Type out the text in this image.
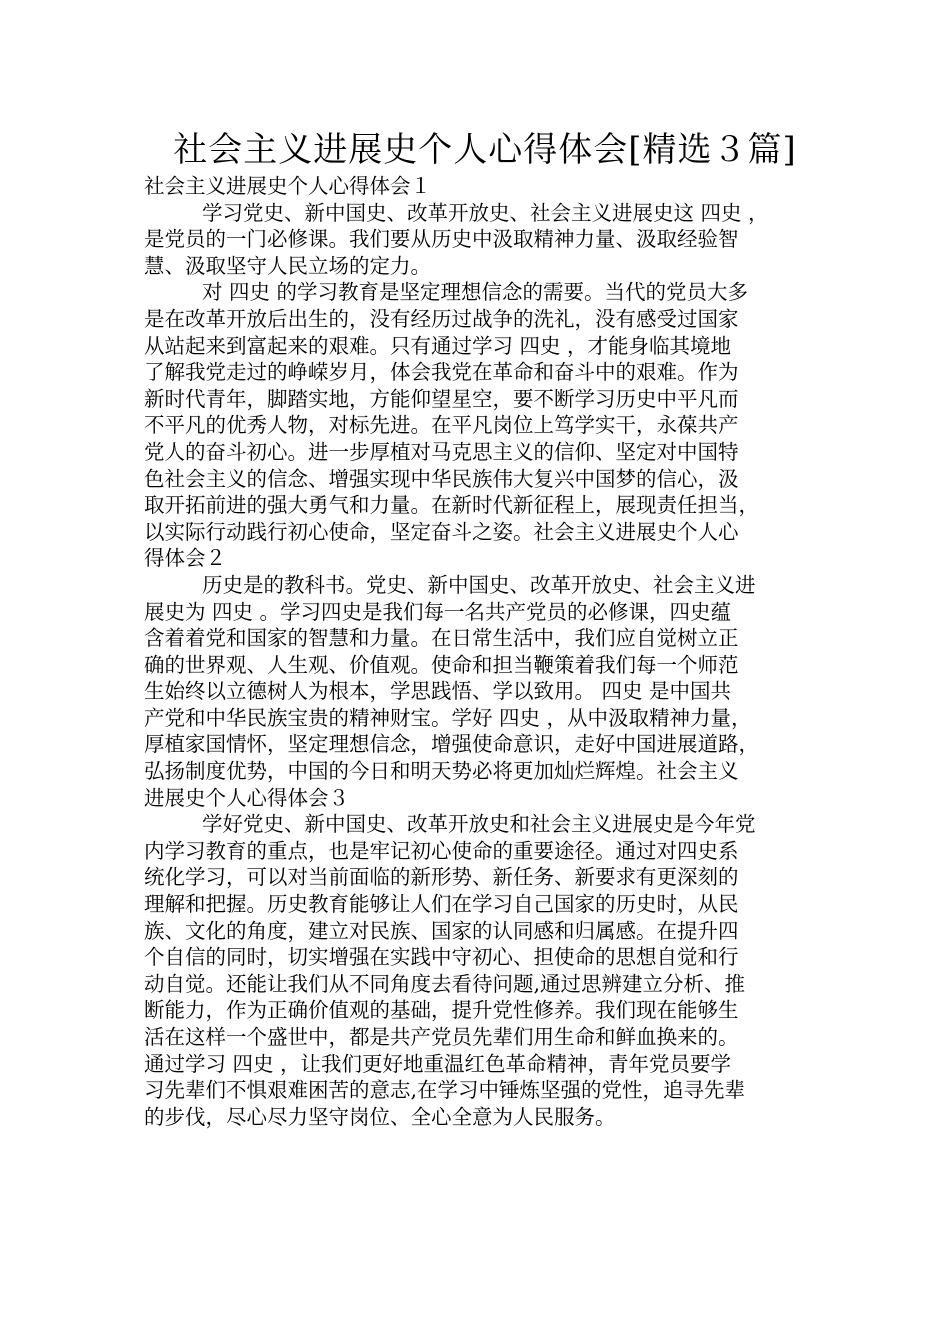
社会主义进展史个人心得体会[精选３篇]
社会主义进展史个人心得体会１
学习党史、新中国史、改革开放史、社会主义进展史这 四史 ，
是党员的一门必修课。我们要从历史中汲取精神力量、汲取经验智
慧、汲取坚守人民立场的定力。
对 四史 的学习教育是坚定理想信念的需要。当代的党员大多
是在改革开放后出生的，没有经历过战争的洗礼，没有感受过国家
从站起来到富起来的艰难。只有通过学习 四史 ，才能身临其境地
了解我党走过的峥嵘岁月，体会我党在革命和奋斗中的艰难。作为
新时代青年，脚踏实地，方能仰望星空，要不断学习历史中平凡而
不平凡的优秀人物，对标先进。在平凡岗位上笃学实干，永葆共产
党人的奋斗初心。进一步厚植对马克思主义的信仰、坚定对中国特
色社会主义的信念、增强实现中华民族伟大复兴中国梦的信心，汲
取开拓前进的强大勇气和力量。在新时代新征程上，展现责任担当，
以实际行动践行初心使命，坚定奋斗之姿。社会主义进展史个人心
得体会２
历史是的教科书。党史、新中国史、改革开放史、社会主义进
展史为 四史 。学习四史是我们每一名共产党员的必修课，四史蕴
含着着党和国家的智慧和力量。在日常生活中，我们应自觉树立正
确的世界观、人生观、价值观。使命和担当鞭策着我们每一个师范
生始终以立德树人为根本，学思践悟、学以致用。 四史 是中国共
产党和中华民族宝贵的精神财宝。学好 四史 ，从中汲取精神力量，
厚植家国情怀，坚定理想信念，增强使命意识，走好中国进展道路，
弘扬制度优势，中国的今日和明天势必将更加灿烂辉煌。社会主义
进展史个人心得体会３
学好党史、新中国史、改革开放史和社会主义进展史是今年党
内学习教育的重点，也是牢记初心使命的重要途径。通过对四史系
统化学习，可以对当前面临的新形势、新任务、新要求有更深刻的
理解和把握。历史教育能够让人们在学习自己国家的历史时，从民
族、文化的角度，建立对民族、国家的认同感和归属感。在提升四
个自信的同时，切实增强在实践中守初心、担使命的思想自觉和行
动自觉。还能让我们从不同角度去看待问题,通过思辨建立分析、推
断能力，作为正确价值观的基础，提升党性修养。我们现在能够生
活在这样一个盛世中，都是共产党员先辈们用生命和鲜血换来的。
通过学习 四史 ，让我们更好地重温红色革命精神，青年党员要学
习先辈们不惧艰难困苦的意志,在学习中锤炼坚强的党性，追寻先辈
的步伐，尽心尽力坚守岗位、全心全意为人民服务。
